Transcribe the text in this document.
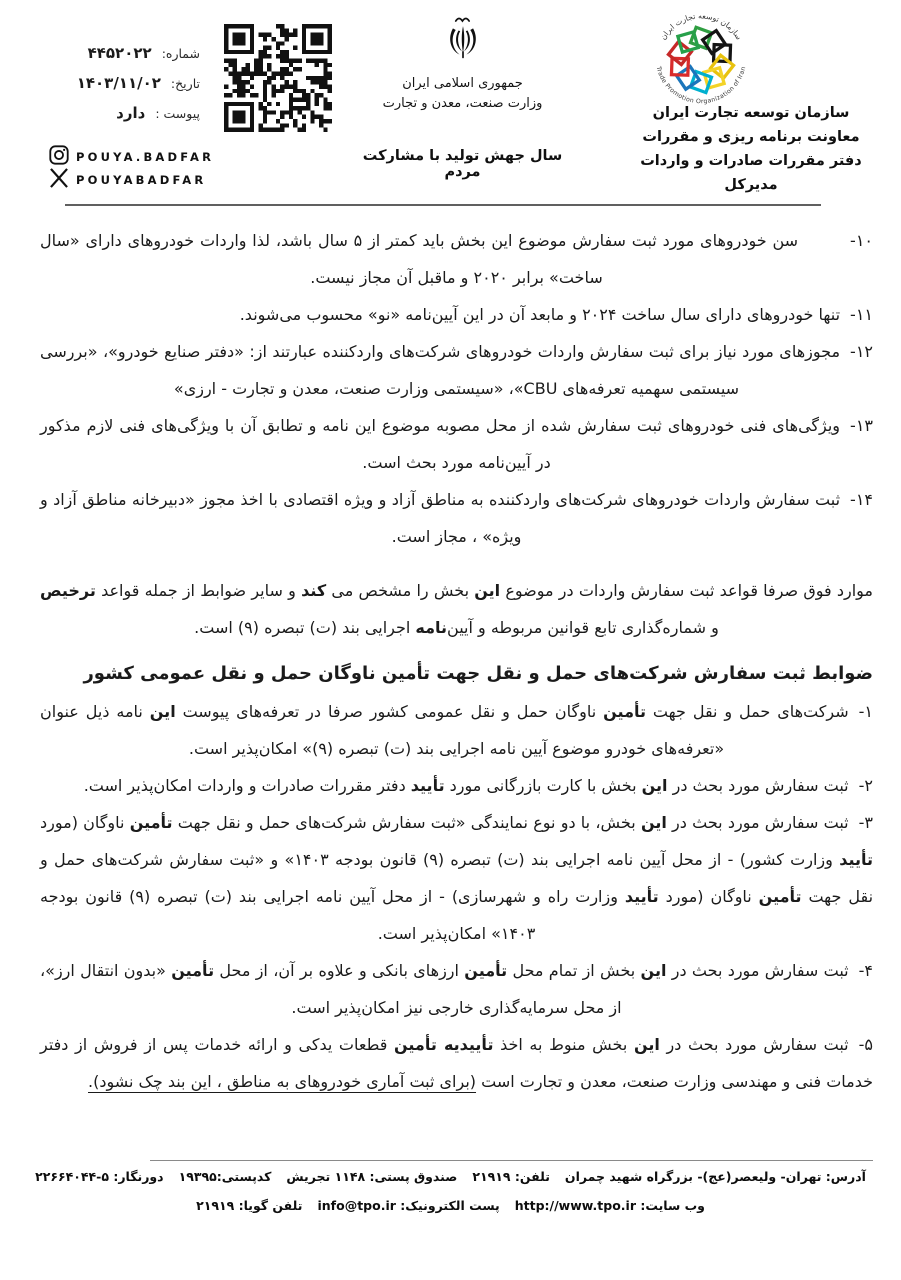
شماره:
۴۴۵۲۰۲۲
تاریخ:
۱۴۰۳/۱۱/۰۲
پیوست :
دارد
POUYA.BADFAR
POUYABADFAR
جمهوری اسلامی ایران
وزارت صنعت، معدن و تجارت
سال جهش تولید با مشارکت مردم
سازمان توسعه تجارت ایران
Trade Promotion Organization of Iran
سازمان توسعه تجارت ایران
معاونت برنامه ریزی و مقررات
دفتر مقررات صادرات و واردات
مدیرکل
۱۰-سن خودروهای مورد ثبت سفارش موضوع این بخش باید کمتر از ۵ سال باشد، لذا واردات خودروهای دارای «سال ساخت» برابر ۲۰۲۰ و ماقبل آن مجاز نیست.
۱۱-تنها خودروهای دارای سال ساخت ۲۰۲۴ و مابعد آن در این آیین‌نامه «نو» محسوب می‌شوند.
۱۲-مجوزهای مورد نیاز برای ثبت سفارش واردات خودروهای شرکت‌های واردکننده عبارتند از: «دفتر صنایع خودرو»، «بررسی سیستمی سهمیه تعرفه‌های CBU»، «سیستمی وزارت صنعت، معدن و تجارت - ارزی»
۱۳-ویژگی‌های فنی خودروهای ثبت سفارش شده از محل مصوبه موضوع این نامه و تطابق آن با ویژگی‌های فنی لازم مذکور در آیین‌نامه مورد بحث است.
۱۴-ثبت سفارش واردات خودروهای شرکت‌های واردکننده به مناطق آزاد و ویژه اقتصادی با اخذ مجوز «دبیرخانه مناطق آزاد و ویژه» ، مجاز است.
موارد فوق صرفا قواعد ثبت سفارش واردات در موضوع این بخش را مشخص می کند و سایر ضوابط از جمله قواعد ترخیص و شماره‌گذاری تابع قوانین مربوطه و آیین‌نامه اجرایی بند (ت) تبصره (۹) است.
ضوابط ثبت سفارش شرکت‌های حمل و نقل جهت تأمین ناوگان حمل و نقل عمومی کشور
۱-شرکت‌های حمل و نقل جهت تأمین ناوگان حمل و نقل عمومی کشور صرفا در تعرفه‌های پیوست این نامه ذیل عنوان «تعرفه‌های خودرو موضوع آیین نامه اجرایی بند (ت) تبصره (۹)» امکان‌پذیر است.
۲-ثبت سفارش مورد بحث در این بخش با کارت بازرگانی مورد تأیید دفتر مقررات صادرات و واردات امکان‌پذیر است.
۳-ثبت سفارش مورد بحث در این بخش، با دو نوع نمایندگی «ثبت سفارش شرکت‌های حمل و نقل جهت تأمین ناوگان (مورد تأیید وزارت کشور) - از محل آیین نامه اجرایی بند (ت) تبصره (۹) قانون بودجه ۱۴۰۳» و «ثبت سفارش شرکت‌های حمل و نقل جهت تأمین ناوگان (مورد تأیید وزارت راه و شهرسازی) - از محل آیین نامه اجرایی بند (ت) تبصره (۹) قانون بودجه ۱۴۰۳» امکان‌پذیر است.
۴-ثبت سفارش مورد بحث در این بخش از تمام محل تأمین ارزهای بانکی و علاوه بر آن، از محل تأمین «بدون انتقال ارز»، از محل سرمایه‌گذاری خارجی نیز امکان‌پذیر است.
۵-ثبت سفارش مورد بحث در این بخش منوط به اخذ تأییدیه تأمین قطعات یدکی و ارائه خدمات پس از فروش از دفتر خدمات فنی و مهندسی وزارت صنعت، معدن و تجارت است (برای ثبت آماری خودروهای به مناطق ، این بند چک نشود).
آدرس: تهران- ولیعصر(عج)- بزرگراه شهید چمران
تلفن: ۲۱۹۱۹
صندوق پستی: ۱۱۴۸ تجریش
کدپستی:۱۹۳۹۵
دورنگار: ۵-۲۲۶۶۴۰۴۴
وب سایت: http://www.tpo.ir
پست الکترونیک: info@tpo.ir
تلفن گویا: ۲۱۹۱۹
